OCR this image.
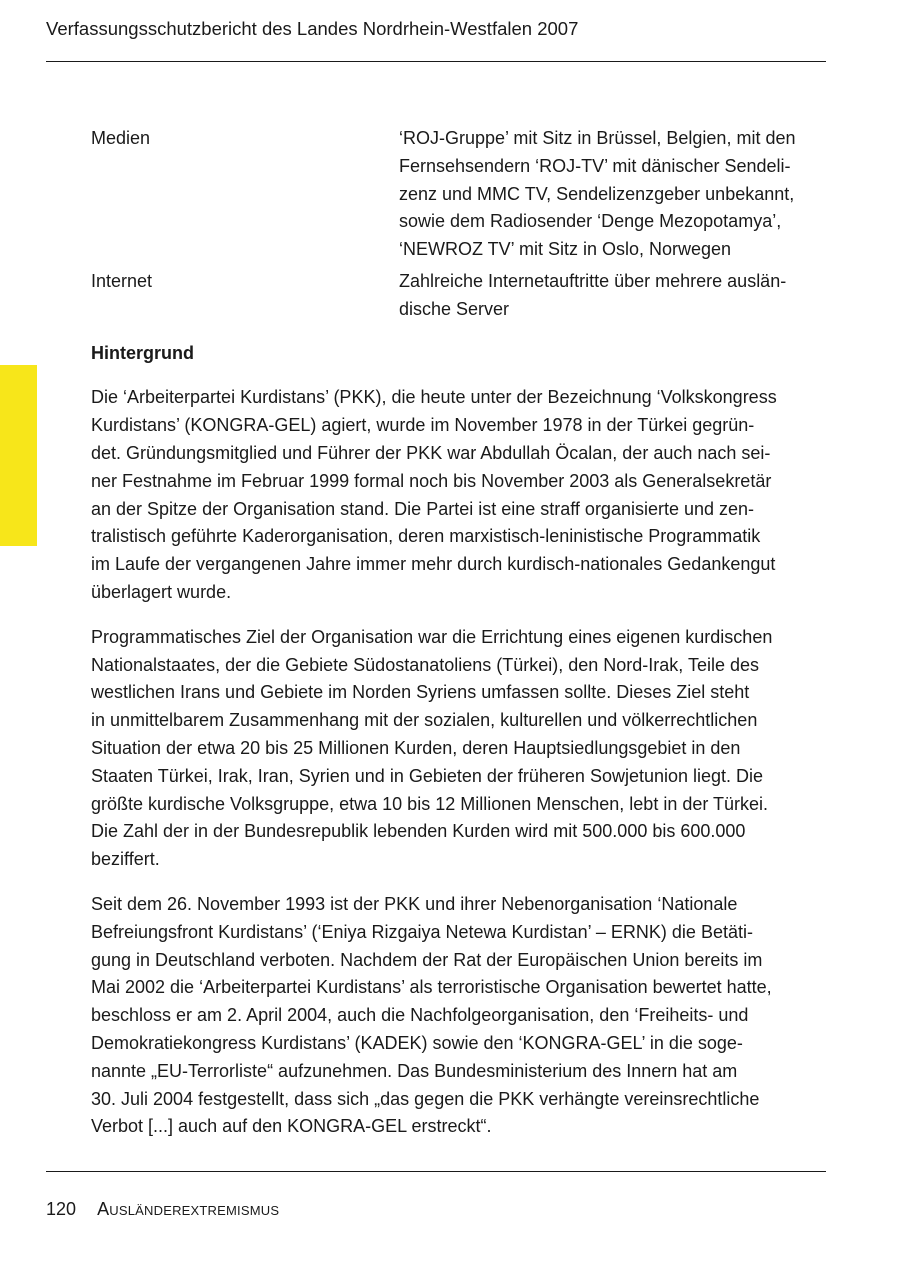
Verfassungsschutzbericht des Landes Nordrhein-Westfalen 2007
Medien	‘ROJ-Gruppe’ mit Sitz in Brüssel, Belgien, mit den
Fernsehsendern ‘ROJ-TV’ mit dänischer Sendeli-
zenz und MMC TV, Sendelizenzgeber unbekannt,
sowie dem Radiosender ‘Denge Mezopotamya’,
‘NEWROZ TV’ mit Sitz in Oslo, Norwegen
Internet	Zahlreiche Internetauftritte über mehrere auslän-
dische Server
Hintergrund
Die ‘Arbeiterpartei Kurdistans’ (PKK), die heute unter der Bezeichnung ‘Volkskongress
Kurdistans’ (KONGRA-GEL) agiert, wurde im November 1978 in der Türkei gegrün-
det. Gründungsmitglied und Führer der PKK war Abdullah Öcalan, der auch nach sei-
ner Festnahme im Februar 1999 formal noch bis November 2003 als Generalsekretär
an der Spitze der Organisation stand. Die Partei ist eine straff organisierte und zen-
tralistisch geführte Kaderorganisation, deren marxistisch-leninistische Programmatik
im Laufe der vergangenen Jahre immer mehr durch kurdisch-nationales Gedankengut
überlagert wurde.
Programmatisches Ziel der Organisation war die Errichtung eines eigenen kurdischen
Nationalstaates, der die Gebiete Südostanatoliens (Türkei), den Nord-Irak, Teile des
westlichen Irans und Gebiete im Norden Syriens umfassen sollte. Dieses Ziel steht
in unmittelbarem Zusammenhang mit der sozialen, kulturellen und völkerrechtlichen
Situation der etwa 20 bis 25 Millionen Kurden, deren Hauptsiedlungsgebiet in den
Staaten Türkei, Irak, Iran, Syrien und in Gebieten der früheren Sowjetunion liegt. Die
größte kurdische Volksgruppe, etwa 10 bis 12 Millionen Menschen, lebt in der Türkei.
Die Zahl der in der Bundesrepublik lebenden Kurden wird mit 500.000 bis 600.000
beziffert.
Seit dem 26. November 1993 ist der PKK und ihrer Nebenorganisation ‘Nationale
Befreiungsfront Kurdistans’ (‘Eniya Rizgaiya Netewa Kurdistan’ – ERNK) die Betäti-
gung in Deutschland verboten. Nachdem der Rat der Europäischen Union bereits im
Mai 2002 die ‘Arbeiterpartei Kurdistans’ als terroristische Organisation bewertet hatte,
beschloss er am 2. April 2004, auch die Nachfolgeorganisation, den ‘Freiheits- und
Demokratiekongress Kurdistans’ (KADEK) sowie den ‘KONGRA-GEL’ in die soge-
nannte „EU-Terrorliste“ aufzunehmen. Das Bundesministerium des Innern hat am
30. Juli 2004 festgestellt, dass sich „das gegen die PKK verhängte vereinsrechtliche
Verbot [...] auch auf den KONGRA-GEL erstreckt“.
120 Ausländerextremismus
